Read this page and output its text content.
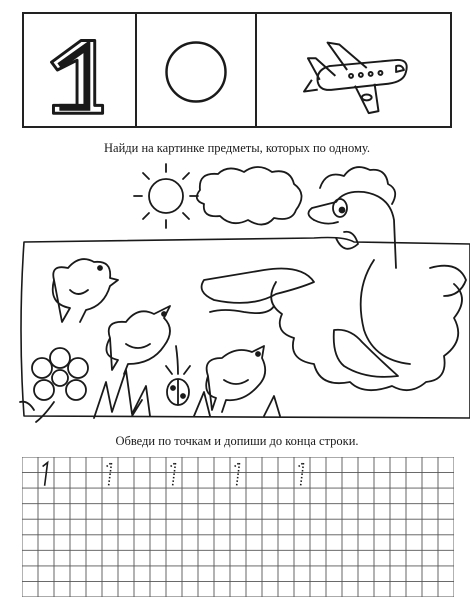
1
Найди на картинке предметы, которых по одному.
Обведи по точкам и допиши до конца строки.
